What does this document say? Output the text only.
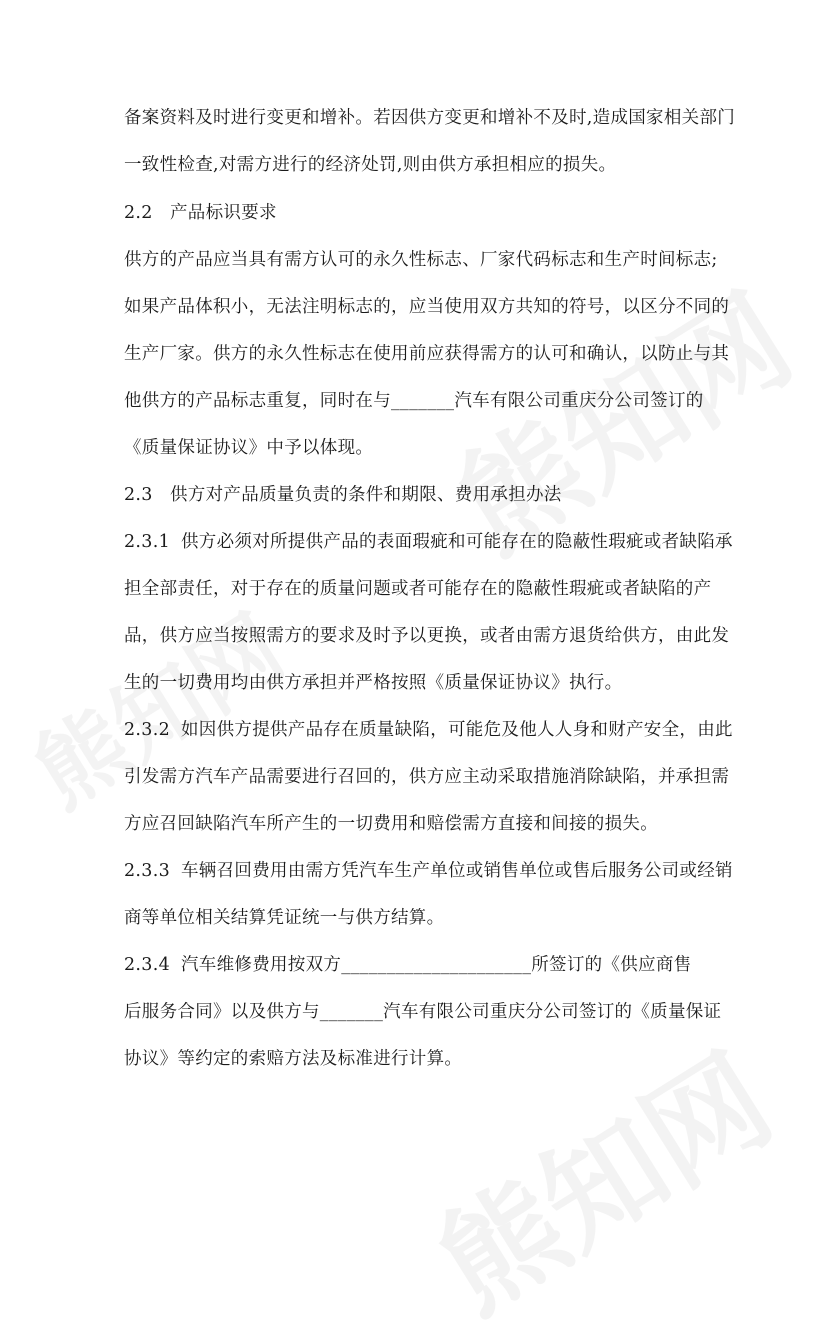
备案资料及时进行变更和增补。若因供方变更和增补不及时,造成国家相关部门

一致性检查,对需方进行的经济处罚,则由供方承担相应的损失。

2.2 产品标识要求

供方的产品应当具有需方认可的永久性标志、厂家代码标志和生产时间标志;

如果产品体积小，无法注明标志的，应当使用双方共知的符号，以区分不同的

生产厂家。供方的永久性标志在使用前应获得需方的认可和确认，以防止与其

他供方的产品标志重复，同时在与_______汽车有限公司重庆分公司签订的

《质量保证协议》中予以体现。

2.3 供方对产品质量负责的条件和期限、费用承担办法

2.3.1 供方必须对所提供产品的表面瑕疵和可能存在的隐蔽性瑕疵或者缺陷承

担全部责任，对于存在的质量问题或者可能存在的隐蔽性瑕疵或者缺陷的产

品，供方应当按照需方的要求及时予以更换，或者由需方退货给供方，由此发

生的一切费用均由供方承担并严格按照《质量保证协议》执行。

2.3.2 如因供方提供产品存在质量缺陷，可能危及他人人身和财产安全，由此

引发需方汽车产品需要进行召回的，供方应主动采取措施消除缺陷，并承担需

方应召回缺陷汽车所产生的一切费用和赔偿需方直接和间接的损失。

2.3.3 车辆召回费用由需方凭汽车生产单位或销售单位或售后服务公司或经销

商等单位相关结算凭证统一与供方结算。

2.3.4 汽车维修费用按双方_____________________所签订的《供应商售

后服务合同》以及供方与_______汽车有限公司重庆分公司签订的《质量保证

协议》等约定的索赔方法及标准进行计算。
